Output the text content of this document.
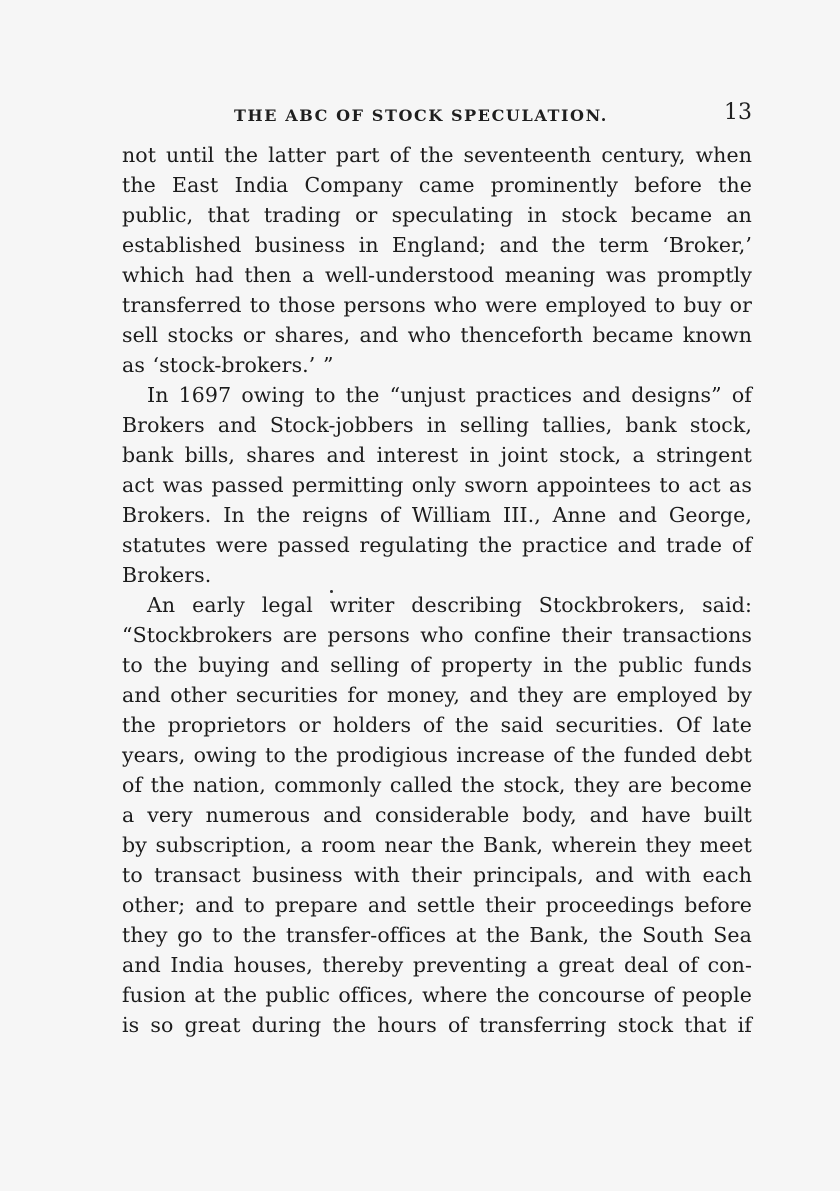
THE ABC OF STOCK SPECULATION.	13
not until the latter part of the seventeenth century, when
the East India Company came prominently before the
public, that trading or speculating in stock became an
established business in England; and the term ‘Broker,’
which had then a well-understood meaning was promptly
transferred to those persons who were employed to buy or
sell stocks or shares, and who thenceforth became known
as ‘stock-brokers.’ ”
In 1697 owing to the “unjust practices and designs” of
Brokers and Stock-jobbers in selling tallies, bank stock,
bank bills, shares and interest in joint stock, a stringent
act was passed permitting only sworn appointees to act as
Brokers. In the reigns of William III., Anne and George,
statutes were passed regulating the practice and trade of
Brokers.
An early legal writer describing Stockbrokers, said:
“Stockbrokers are persons who confine their transactions
to the buying and selling of property in the public funds
and other securities for money, and they are employed by
the proprietors or holders of the said securities. Of late
years, owing to the prodigious increase of the funded debt
of the nation, commonly called the stock, they are become
a very numerous and considerable body, and have built
by subscription, a room near the Bank, wherein they meet
to transact business with their principals, and with each
other; and to prepare and settle their proceedings before
they go to the transfer-offices at the Bank, the South Sea
and India houses, thereby preventing a great deal of con-
fusion at the public offices, where the concourse of people
is so great during the hours of transferring stock that if
